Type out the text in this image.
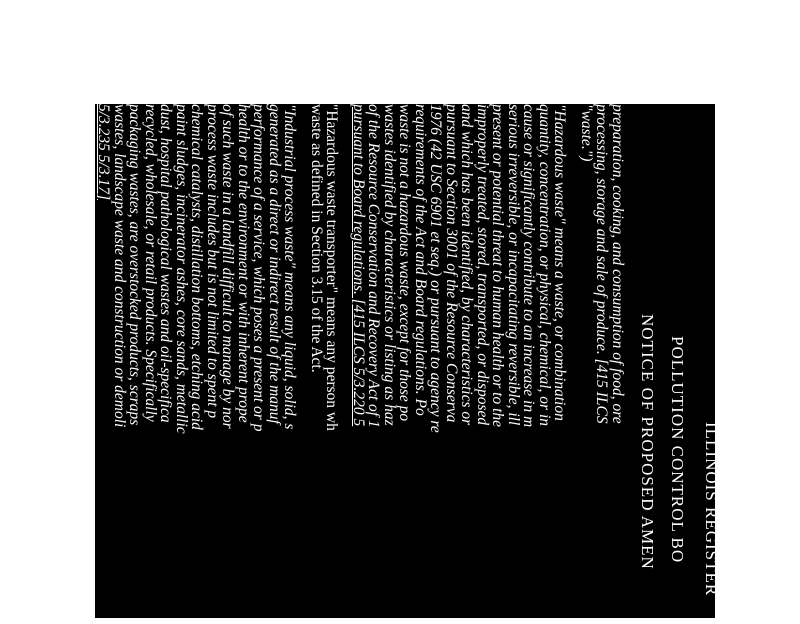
ILLINOIS REGISTER
POLLUTION CONTROL BO
NOTICE OF PROPOSED AMEN
preparation, cooking, and consumption of food, ore
processing, storage and sale of produce. [415 ILCS
"waste.")
"Hazardous waste" means a waste, or combination
quantity, concentration, or physical, chemical, or in
cause or significantly contribute to an increase in m
serious irreversible, or incapacitating reversible, ill
present or potential threat to human health or to the
improperly treated, stored, transported, or disposed
and which has been identified, by characteristics or
pursuant to Section 3001 of the Resource Conserva
1976 (42 USC 6901 et seq.) or pursuant to agency re
requirements of the Act and Board regulations. Po
waste is not a hazardous waste, except for those po
wastes identified by characteristics or listing as haz
of the Resource Conservation and Recovery Act of 1
pursuant to Board regulations. [415 ILCS 5/3.220 5
"Hazardous waste transporter" means any person wh
waste as defined in Section 3.15 of the Act.
"Industrial process waste" means any liquid, solid, s
generated as a direct or indirect result of the manuf
performance of a service, which poses a present or p
health or to the environment or with inherent prope
of such waste in a landfill difficult to manage by nor
process waste includes but is not limited to spent p
chemical catalysts, distillation bottoms, etching acid
paint sludges, incinerator ashes, core sands, metallic
dust, hospital pathological wastes and oil-specifica
recycled, wholesale, or retail products. Specifically
packaging wastes, are overstocked products, scraps
wastes, landscape waste and construction or demoli
5/3.235 5/3.17]
"Manifest" means the form provided or prescribed b
used for identifying name, quantity, and the origin, r
special waste during its transportation from the point
of disposal, treatment, or storage, as required by this
